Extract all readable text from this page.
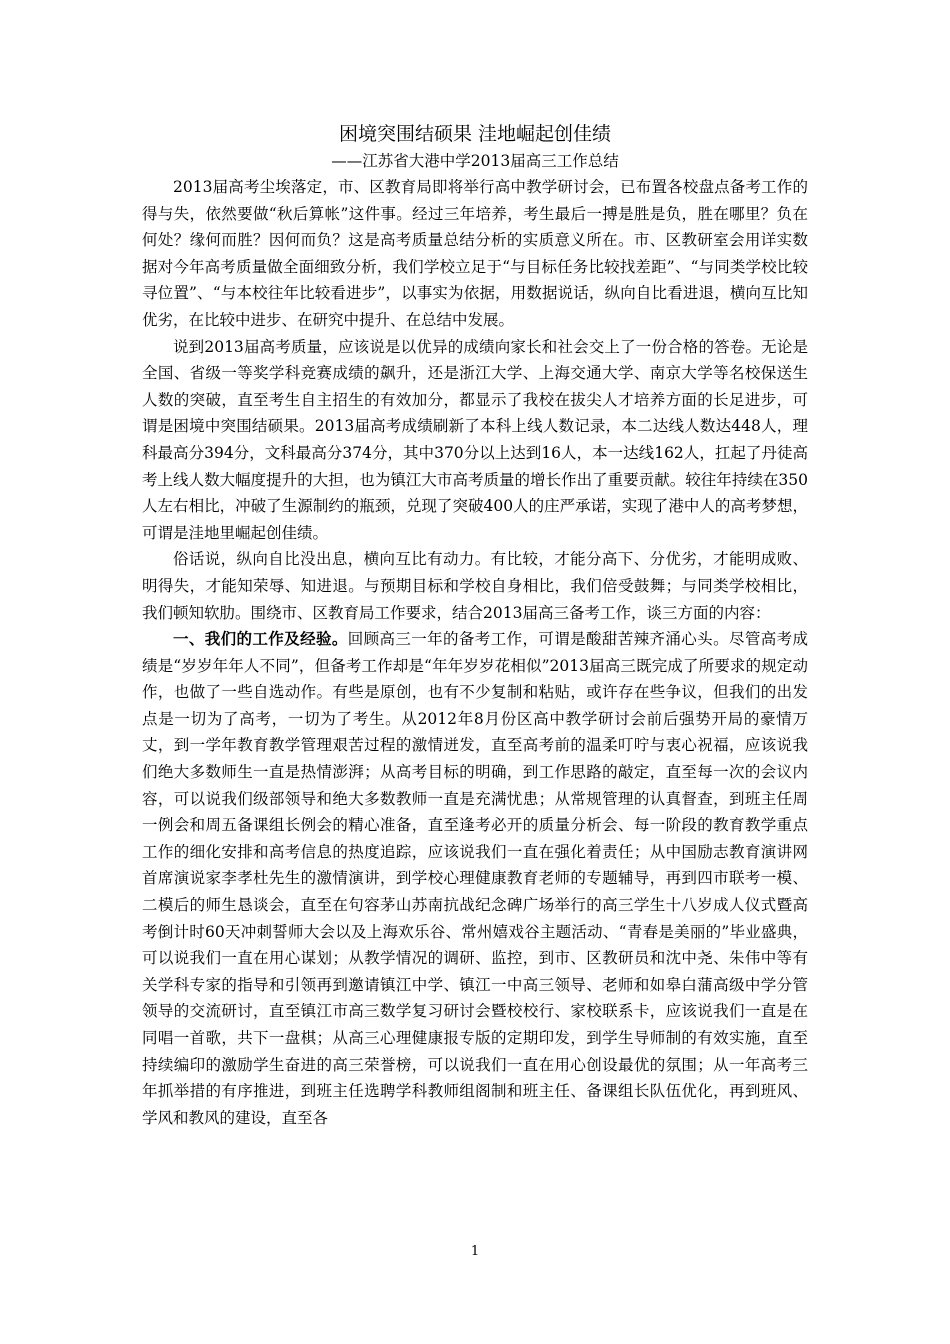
困境突围结硕果 洼地崛起创佳绩
——江苏省大港中学2013届高三工作总结

2013届高考尘埃落定，市、区教育局即将举行高中教学研讨会，已布置各校盘点备考工作的得与失，依然要做“秋后算帐”这件事。经过三年培养，考生最后一搏是胜是负，胜在哪里？负在何处？缘何而胜？因何而负？这是高考质量总结分析的实质意义所在。市、区教研室会用详实数据对今年高考质量做全面细致分析，我们学校立足于“与目标任务比较找差距”、“与同类学校比较寻位置”、“与本校往年比较看进步”，以事实为依据，用数据说话，纵向自比看进退，横向互比知优劣，在比较中进步、在研究中提升、在总结中发展。

说到2013届高考质量，应该说是以优异的成绩向家长和社会交上了一份合格的答卷。无论是全国、省级一等奖学科竞赛成绩的飙升，还是浙江大学、上海交通大学、南京大学等名校保送生人数的突破，直至考生自主招生的有效加分，都显示了我校在拔尖人才培养方面的长足进步，可谓是困境中突围结硕果。2013届高考成绩刷新了本科上线人数记录，本二达线人数达448人，理科最高分394分，文科最高分374分，其中370分以上达到16人，本一达线162人，扛起了丹徒高考上线人数大幅度提升的大担，也为镇江大市高考质量的增长作出了重要贡献。较往年持续在350人左右相比，冲破了生源制约的瓶颈，兑现了突破400人的庄严承诺，实现了港中人的高考梦想，可谓是洼地里崛起创佳绩。

俗话说，纵向自比没出息，横向互比有动力。有比较，才能分高下、分优劣，才能明成败、明得失，才能知荣辱、知进退。与预期目标和学校自身相比，我们倍受鼓舞；与同类学校相比，我们顿知软肋。围绕市、区教育局工作要求，结合2013届高三备考工作，谈三方面的内容：

一、我们的工作及经验。回顾高三一年的备考工作，可谓是酸甜苦辣齐涌心头。尽管高考成绩是“岁岁年年人不同”，但备考工作却是“年年岁岁花相似”2013届高三既完成了所要求的规定动作，也做了一些自选动作。有些是原创，也有不少复制和粘贴，或许存在些争议，但我们的出发点是一切为了高考，一切为了考生。从2012年8月份区高中教学研讨会前后强势开局的豪情万丈，到一学年教育教学管理艰苦过程的激情迸发，直至高考前的温柔叮咛与衷心祝福，应该说我们绝大多数师生一直是热情澎湃；从高考目标的明确，到工作思路的敲定，直至每一次的会议内容，可以说我们级部领导和绝大多数教师一直是充满忧患；从常规管理的认真督查，到班主任周一例会和周五备课组长例会的精心准备，直至逢考必开的质量分析会、每一阶段的教育教学重点工作的细化安排和高考信息的热度追踪，应该说我们一直在强化着责任；从中国励志教育演讲网首席演说家李孝杜先生的激情演讲，到学校心理健康教育老师的专题辅导，再到四市联考一模、二模后的师生恳谈会，直至在句容茅山苏南抗战纪念碑广场举行的高三学生十八岁成人仪式暨高考倒计时60天冲刺誓师大会以及上海欢乐谷、常州嬉戏谷主题活动、“青春是美丽的”毕业盛典，可以说我们一直在用心谋划；从教学情况的调研、监控，到市、区教研员和沈中尧、朱伟中等有关学科专家的指导和引领再到邀请镇江中学、镇江一中高三领导、老师和如皋白蒲高级中学分管领导的交流研讨，直至镇江市高三数学复习研讨会暨校校行、家校联系卡，应该说我们一直是在同唱一首歌，共下一盘棋；从高三心理健康报专版的定期印发，到学生导师制的有效实施，直至持续编印的激励学生奋进的高三荣誉榜，可以说我们一直在用心创设最优的氛围；从一年高考三年抓举措的有序推进，到班主任选聘学科教师组阁制和班主任、备课组长队伍优化，再到班风、学风和教风的建设，直至各

1
